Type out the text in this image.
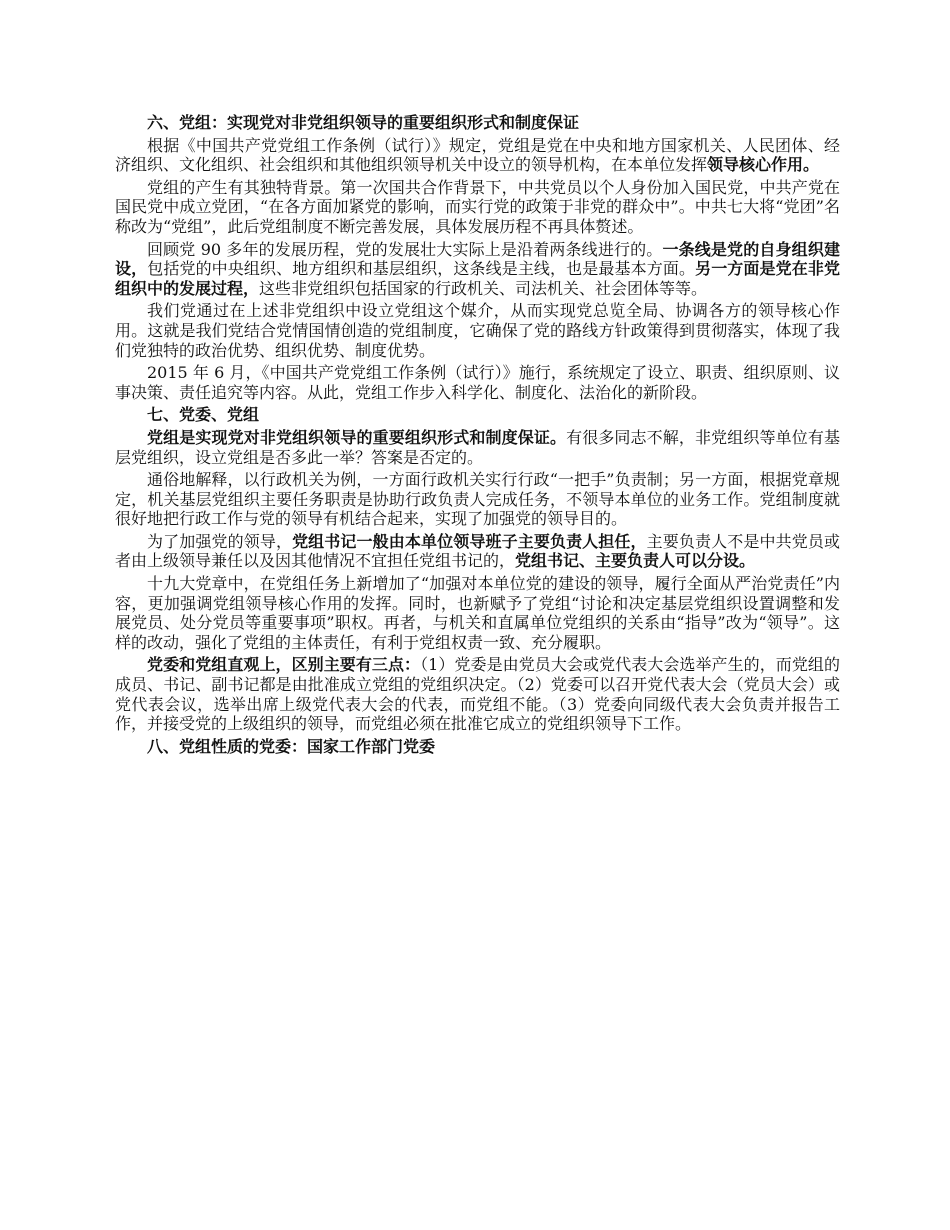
六、党组：实现党对非党组织领导的重要组织形式和制度保证

根据《中国共产党党组工作条例（试行）》规定，党组是党在中央和地方国家机关、人民团体、经济组织、文化组织、社会组织和其他组织领导机关中设立的领导机构，在本单位发挥领导核心作用。

党组的产生有其独特背景。第一次国共合作背景下，中共党员以个人身份加入国民党，中共产党在国民党中成立党团，“在各方面加紧党的影响，而实行党的政策于非党的群众中”。中共七大将“党团”名称改为“党组”，此后党组制度不断完善发展，具体发展历程不再具体赘述。

回顾党 90 多年的发展历程，党的发展壮大实际上是沿着两条线进行的。一条线是党的自身组织建设，包括党的中央组织、地方组织和基层组织，这条线是主线，也是最基本方面。另一方面是党在非党组织中的发展过程，这些非党组织包括国家的行政机关、司法机关、社会团体等等。

我们党通过在上述非党组织中设立党组这个媒介，从而实现党总览全局、协调各方的领导核心作用。这就是我们党结合党情国情创造的党组制度，它确保了党的路线方针政策得到贯彻落实，体现了我们党独特的政治优势、组织优势、制度优势。

2015 年 6 月，《中国共产党党组工作条例（试行）》施行，系统规定了设立、职责、组织原则、议事决策、责任追究等内容。从此，党组工作步入科学化、制度化、法治化的新阶段。

七、党委、党组

党组是实现党对非党组织领导的重要组织形式和制度保证。有很多同志不解，非党组织等单位有基层党组织，设立党组是否多此一举？答案是否定的。

通俗地解释，以行政机关为例，一方面行政机关实行行政“一把手”负责制；另一方面，根据党章规定，机关基层党组织主要任务职责是协助行政负责人完成任务，不领导本单位的业务工作。党组制度就很好地把行政工作与党的领导有机结合起来，实现了加强党的领导目的。

为了加强党的领导，党组书记一般由本单位领导班子主要负责人担任，主要负责人不是中共党员或者由上级领导兼任以及因其他情况不宜担任党组书记的，党组书记、主要负责人可以分设。

十九大党章中，在党组任务上新增加了“加强对本单位党的建设的领导，履行全面从严治党责任”内容，更加强调党组领导核心作用的发挥。同时，也新赋予了党组“讨论和决定基层党组织设置调整和发展党员、处分党员等重要事项”职权。再者，与机关和直属单位党组织的关系由“指导”改为“领导”。这样的改动，强化了党组的主体责任，有利于党组权责一致、充分履职。

党委和党组直观上，区别主要有三点：（1）党委是由党员大会或党代表大会选举产生的，而党组的成员、书记、副书记都是由批准成立党组的党组织决定。（2）党委可以召开党代表大会（党员大会）或党代表会议，选举出席上级党代表大会的代表，而党组不能。（3）党委向同级代表大会负责并报告工作，并接受党的上级组织的领导，而党组必须在批准它成立的党组织领导下工作。

八、党组性质的党委：国家工作部门党委
